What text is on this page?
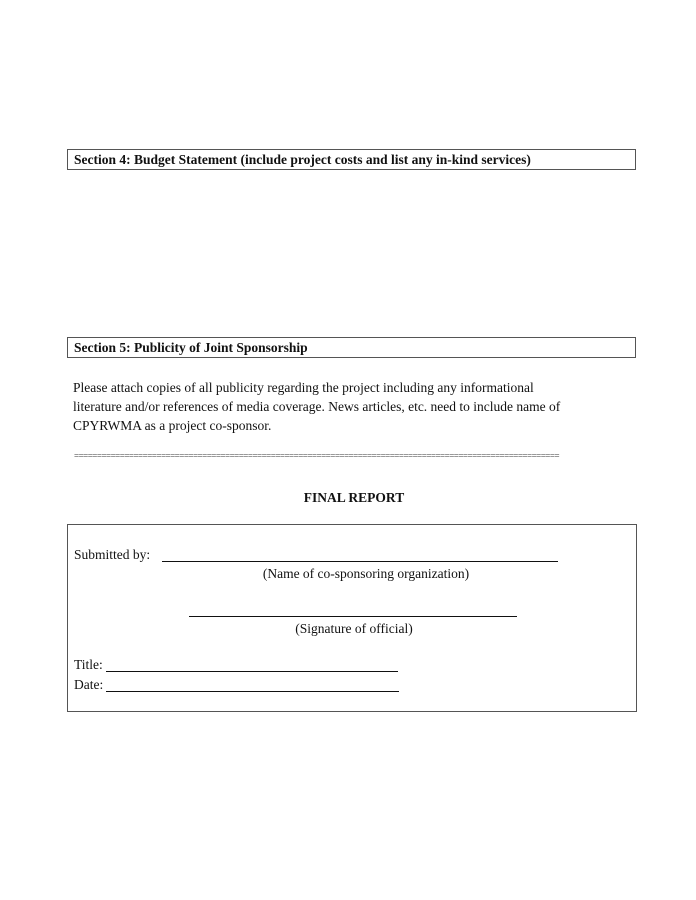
Section 4: Budget Statement (include project costs and list any in-kind services)
Section 5: Publicity of Joint Sponsorship
Please attach copies of all publicity regarding the project including any informational
literature and/or references of media coverage. News articles, etc. need to include name of
CPYRWMA as a project co-sponsor.
==========================================================================================================
FINAL REPORT
Submitted by:
Title:
Date:
(Name of co-sponsoring organization)
(Signature of official)
